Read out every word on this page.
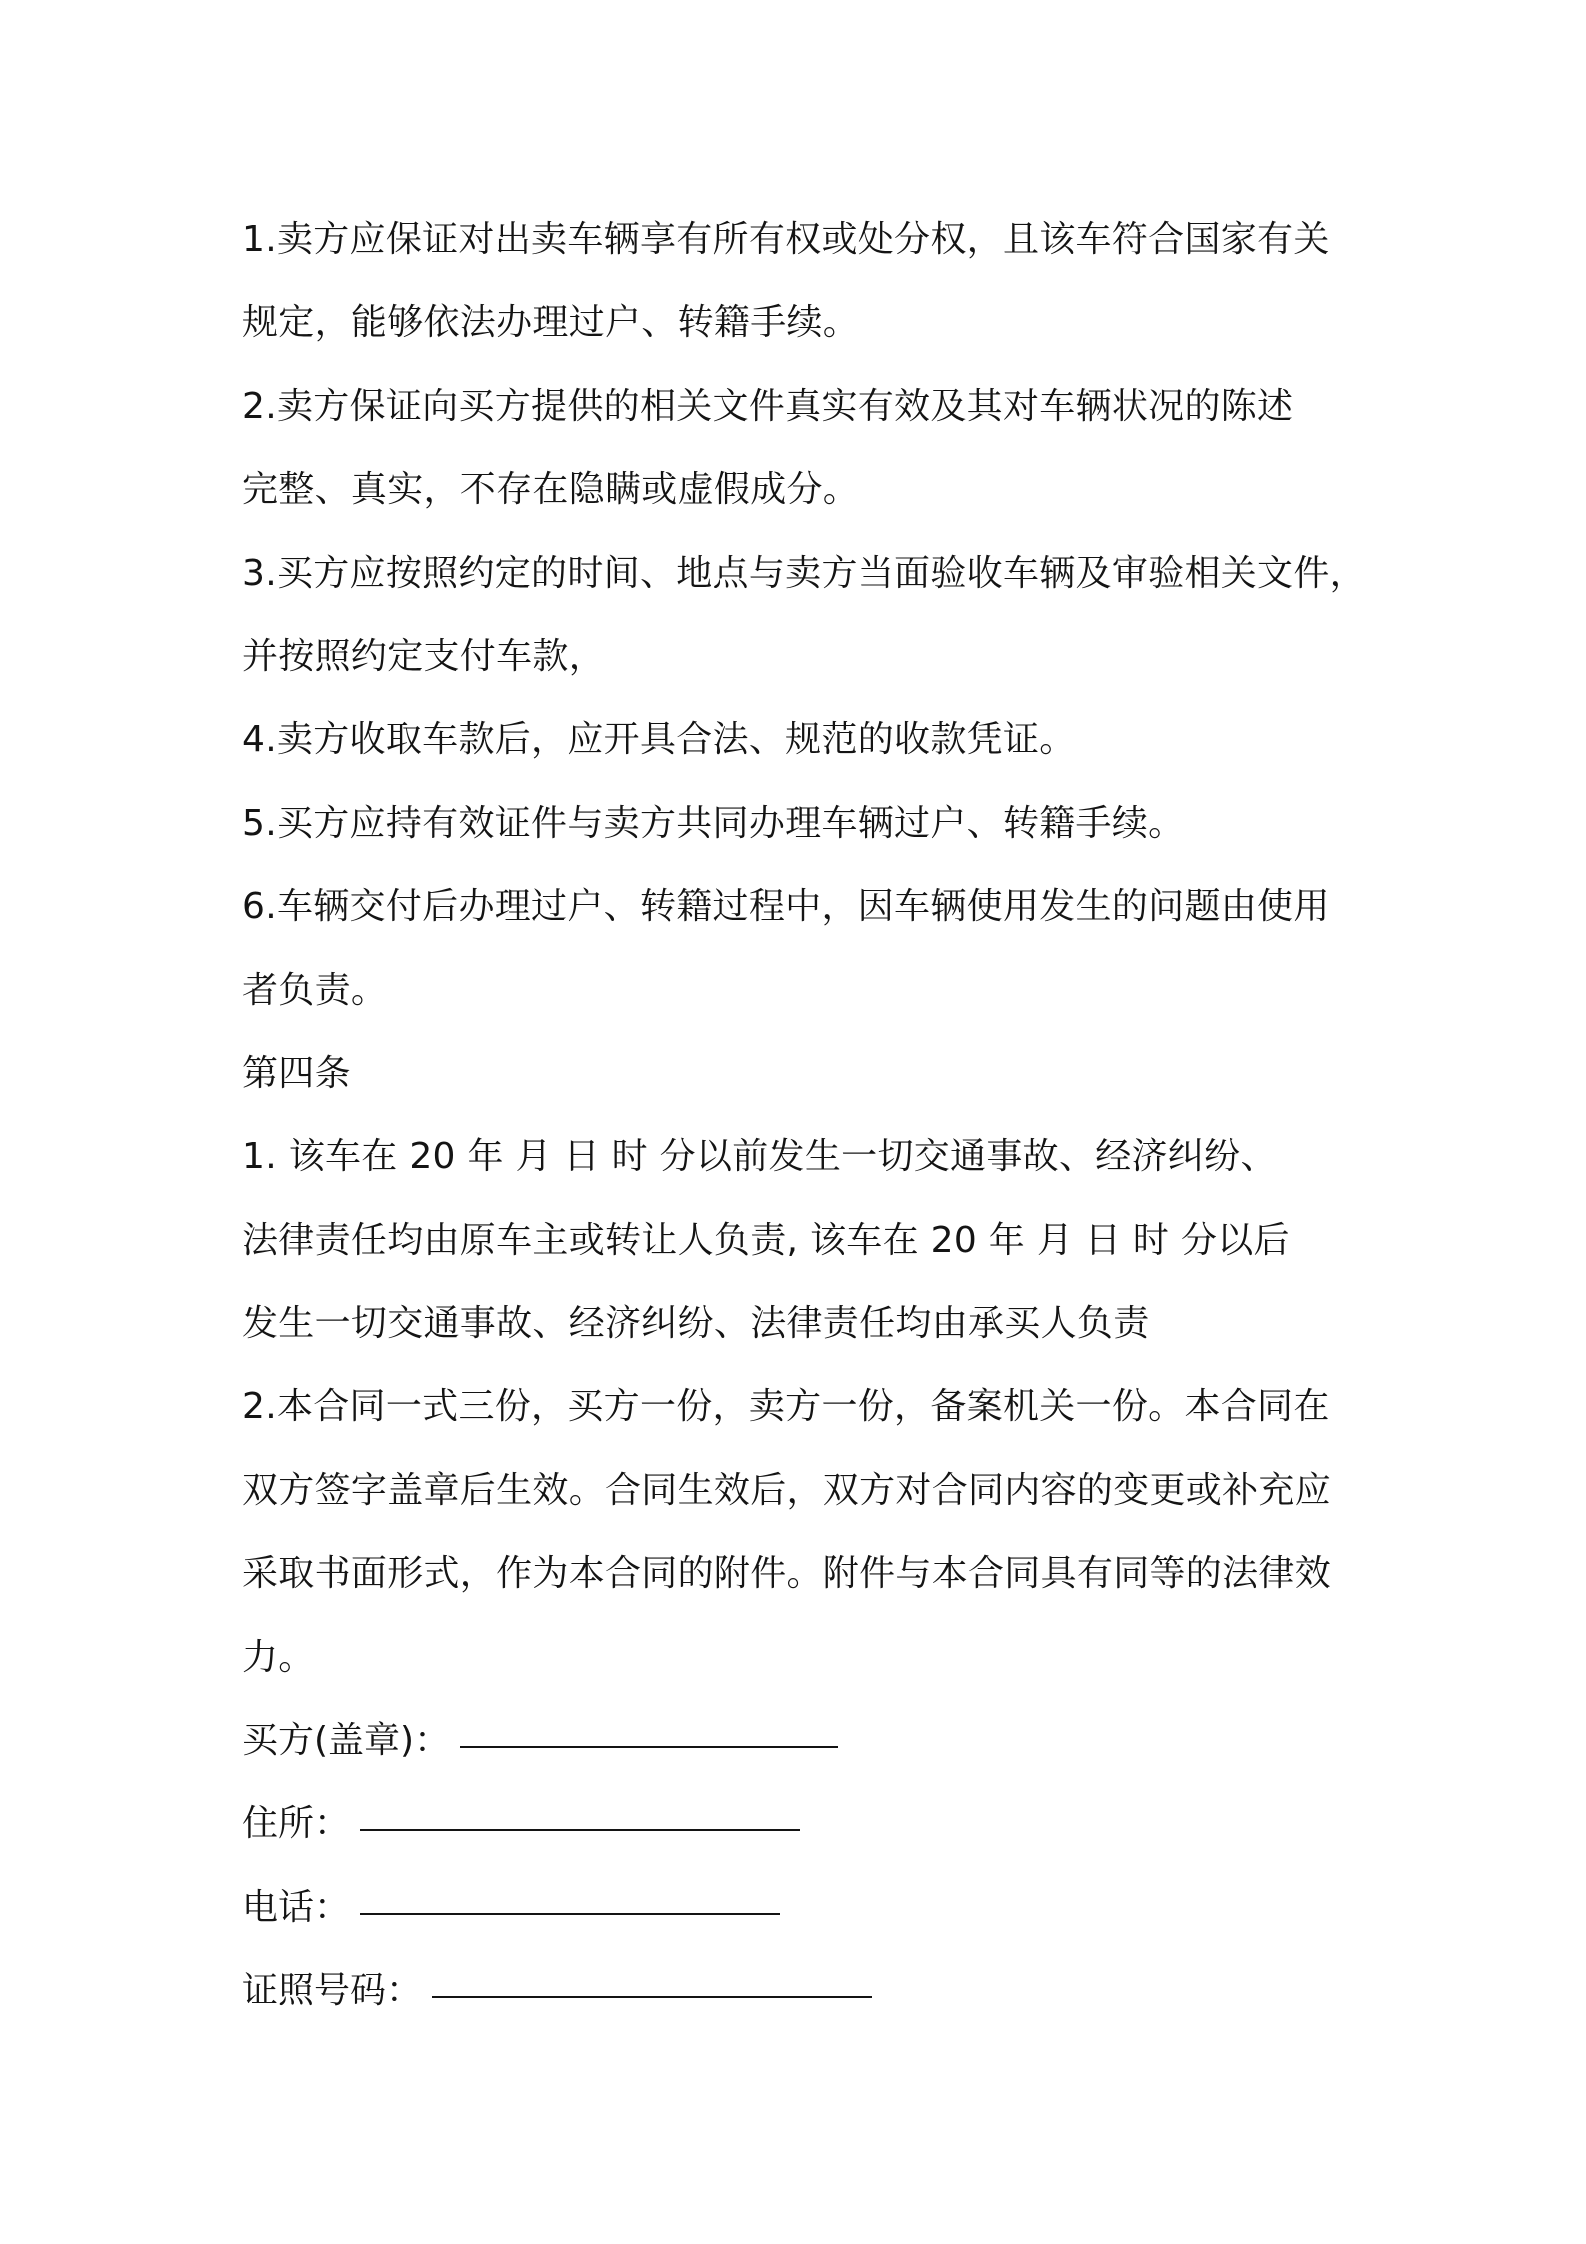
1.卖方应保证对出卖车辆享有所有权或处分权，且该车符合国家有关
规定，能够依法办理过户、转籍手续。
2.卖方保证向买方提供的相关文件真实有效及其对车辆状况的陈述
完整、真实，不存在隐瞒或虚假成分。
3.买方应按照约定的时间、地点与卖方当面验收车辆及审验相关文件，
并按照约定支付车款，
4.卖方收取车款后，应开具合法、规范的收款凭证。
5.买方应持有效证件与卖方共同办理车辆过户、转籍手续。
6.车辆交付后办理过户、转籍过程中，因车辆使用发生的问题由使用
者负责。
第四条
1. 该车在 20 年 月 日 时 分以前发生一切交通事故、经济纠纷、
法律责任均由原车主或转让人负责, 该车在 20 年 月 日 时 分以后
发生一切交通事故、经济纠纷、法律责任均由承买人负责
2.本合同一式三份，买方一份，卖方一份，备案机关一份。本合同在
双方签字盖章后生效。合同生效后，双方对合同内容的变更或补充应
采取书面形式，作为本合同的附件。附件与本合同具有同等的法律效
力。
买方(盖章)：
住所：
电话：
证照号码：
